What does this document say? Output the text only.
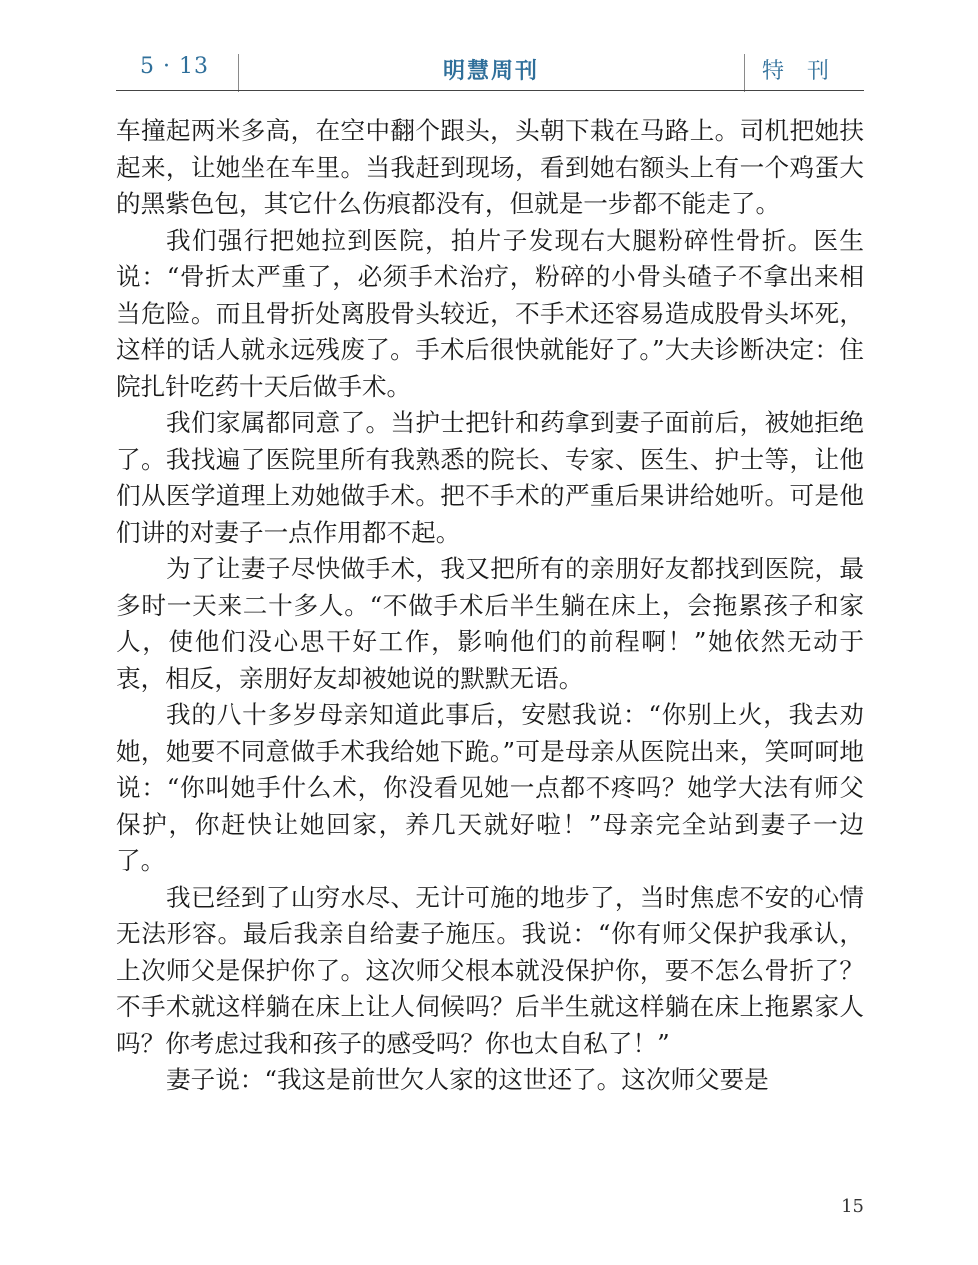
5 · 13	明慧周刊	特 刊

车撞起两米多高，在空中翻个跟头，头朝下栽在马路上。司机把她扶起来，让她坐在车里。当我赶到现场，看到她右额头上有一个鸡蛋大的黑紫色包，其它什么伤痕都没有，但就是一步都不能走了。

我们强行把她拉到医院，拍片子发现右大腿粉碎性骨折。医生说：“骨折太严重了，必须手术治疗，粉碎的小骨头碴子不拿出来相当危险。而且骨折处离股骨头较近，不手术还容易造成股骨头坏死，这样的话人就永远残废了。手术后很快就能好了。”大夫诊断决定：住院扎针吃药十天后做手术。

我们家属都同意了。当护士把针和药拿到妻子面前后，被她拒绝了。我找遍了医院里所有我熟悉的院长、专家、医生、护士等，让他们从医学道理上劝她做手术。把不手术的严重后果讲给她听。可是他们讲的对妻子一点作用都不起。

为了让妻子尽快做手术，我又把所有的亲朋好友都找到医院，最多时一天来二十多人。“不做手术后半生躺在床上，会拖累孩子和家人，使他们没心思干好工作，影响他们的前程啊！”她依然无动于衷，相反，亲朋好友却被她说的默默无语。

我的八十多岁母亲知道此事后，安慰我说：“你别上火，我去劝她，她要不同意做手术我给她下跪。”可是母亲从医院出来，笑呵呵地说：“你叫她手什么术，你没看见她一点都不疼吗？她学大法有师父保护，你赶快让她回家，养几天就好啦！”母亲完全站到妻子一边了。

我已经到了山穷水尽、无计可施的地步了，当时焦虑不安的心情无法形容。最后我亲自给妻子施压。我说：“你有师父保护我承认，上次师父是保护你了。这次师父根本就没保护你，要不怎么骨折了？不手术就这样躺在床上让人伺候吗？后半生就这样躺在床上拖累家人吗？你考虑过我和孩子的感受吗？你也太自私了！”

妻子说：“我这是前世欠人家的这世还了。这次师父要是

15
